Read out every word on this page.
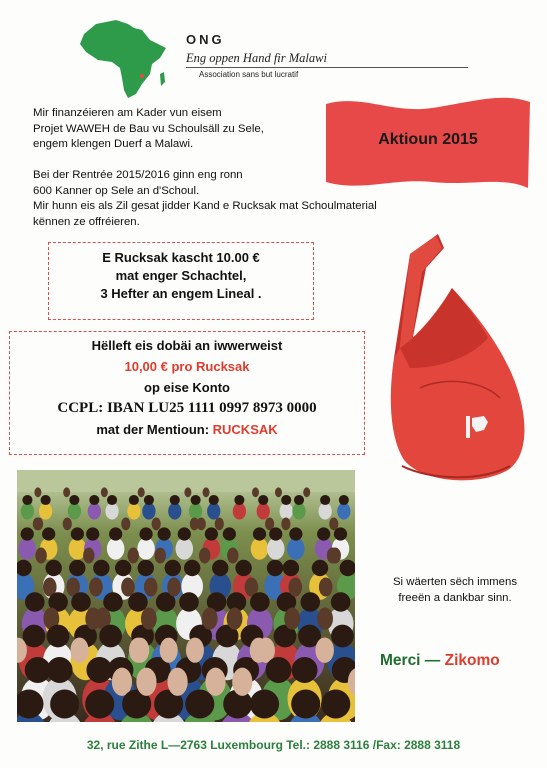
ONG
Eng oppen Hand fir Malawi
Association sans but lucratif
Mir finanzéieren am Kader vun eisem
Projet WAWEH de Bau vu Schoulsäll zu Sele,
engem klengen Duerf a Malawi.
Bei der Rentrée 2015/2016 ginn eng ronn
600 Kanner op Sele an d'Schoul.
Mir hunn eis als Zil gesat jidder Kand e Rucksak mat Schoulmaterial
kënnen ze offréieren.
Aktioun 2015
E Rucksak kascht 10.00 €
mat enger Schachtel,
3 Hefter an engem Lineal .
Hëlleft eis dobäi an iwwerweist
10,00 € pro Rucksak
op eise Konto
CCPL: IBAN LU25 1111 0997 8973 0000
mat der Mentioun: RUCKSAK
Si wäerten sëch immens
freeën a dankbar sinn.
Merci — Zikomo
32, rue Zithe L—2763 Luxembourg Tel.: 2888 3116 /Fax: 2888 3118
